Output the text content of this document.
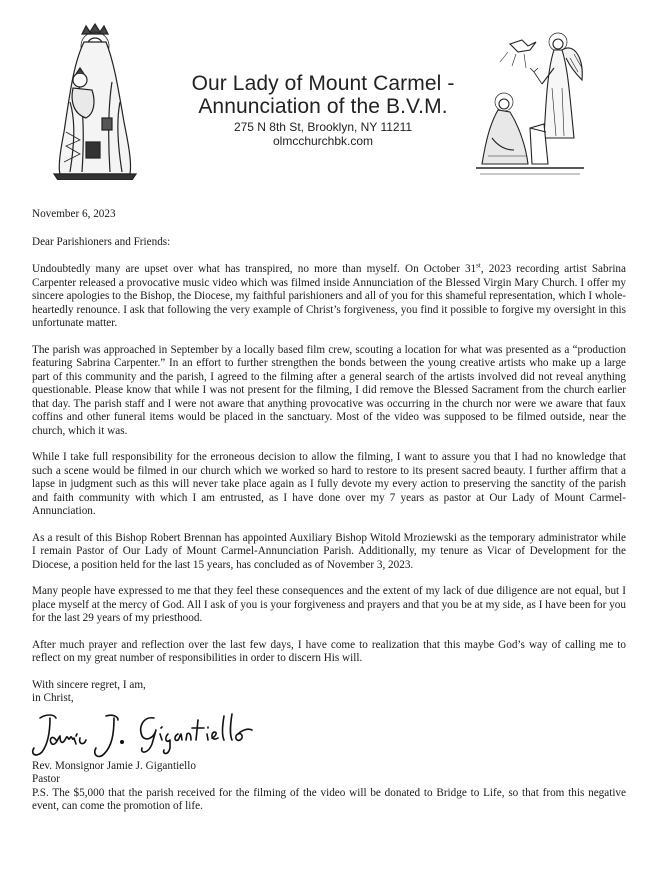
Our Lady of Mount Carmel -
Annunciation of the B.V.M.
275 N 8th St, Brooklyn, NY 11211
olmcchurchbk.com

November 6, 2023

Dear Parishioners and Friends:

Undoubtedly many are upset over what has transpired, no more than myself. On October 31st, 2023 recording artist Sabrina Carpenter released a provocative music video which was filmed inside Annunciation of the Blessed Virgin Mary Church. I offer my sincere apologies to the Bishop, the Diocese, my faithful parishioners and all of you for this shameful representation, which I whole-heartedly renounce. I ask that following the very example of Christ’s forgiveness, you find it possible to forgive my oversight in this unfortunate matter.

The parish was approached in September by a locally based film crew, scouting a location for what was presented as a “production featuring Sabrina Carpenter.” In an effort to further strengthen the bonds between the young creative artists who make up a large part of this community and the parish, I agreed to the filming after a general search of the artists involved did not reveal anything questionable. Please know that while I was not present for the filming, I did remove the Blessed Sacrament from the church earlier that day. The parish staff and I were not aware that anything provocative was occurring in the church nor were we aware that faux coffins and other funeral items would be placed in the sanctuary. Most of the video was supposed to be filmed outside, near the church, which it was.

While I take full responsibility for the erroneous decision to allow the filming, I want to assure you that I had no knowledge that such a scene would be filmed in our church which we worked so hard to restore to its present sacred beauty. I further affirm that a lapse in judgment such as this will never take place again as I fully devote my every action to preserving the sanctity of the parish and faith community with which I am entrusted, as I have done over my 7 years as pastor at Our Lady of Mount Carmel-Annunciation.

As a result of this Bishop Robert Brennan has appointed Auxiliary Bishop Witold Mroziewski as the temporary administrator while I remain Pastor of Our Lady of Mount Carmel-Annunciation Parish. Additionally, my tenure as Vicar of Development for the Diocese, a position held for the last 15 years, has concluded as of November 3, 2023.

Many people have expressed to me that they feel these consequences and the extent of my lack of due diligence are not equal, but I place myself at the mercy of God. All I ask of you is your forgiveness and prayers and that you be at my side, as I have been for you for the last 29 years of my priesthood.

After much prayer and reflection over the last few days, I have come to realization that this maybe God’s way of calling me to reflect on my great number of responsibilities in order to discern His will.

With sincere regret, I am,

in Christ,

Rev. Monsignor Jamie J. Gigantiello

Pastor

P.S. The $5,000 that the parish received for the filming of the video will be donated to Bridge to Life, so that from this negative event, can come the promotion of life.
